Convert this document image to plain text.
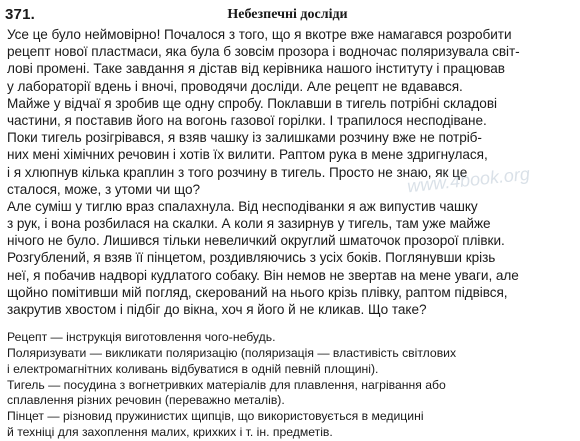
371.	Небезпечні досліди
Усе це було неймовірно! Почалося з того, що я вкотре вже намагався розробити
рецепт нової пластмаси, яка була б зовсім прозора і водночас поляризувала світ-
лові промені. Таке завдання я дістав від керівника нашого інституту і працював
у лабораторії вдень і вночі, проводячи досліди. Але рецепт не вдавався.
Майже у відчаї я зробив ще одну спробу. Поклавши в тигель потрібні складові
частини, я поставив його на вогонь газової горілки. І трапилося несподіване.
Поки тигель розігрівався, я взяв чашку із залишками розчину вже не потріб-
них мені хімічних речовин і хотів їх вилити. Раптом рука в мене здригнулася,
і я хлюпнув кілька краплин з того розчину в тигель. Просто не знаю, як це
сталося, може, з утоми чи що?
Але суміш у тиглю враз спалахнула. Від несподіванки я аж випустив чашку
з рук, і вона розбилася на скалки. А коли я зазирнув у тигель, там уже майже
нічого не було. Лишився тільки невеличкий округлий шматочок прозорої плівки.
Розгублений, я взяв її пінцетом, роздивляючись з усіх боків. Поглянувши крізь
неї, я побачив надворі кудлатого собаку. Він немов не звертав на мене уваги, але
щойно помітивши мій погляд, скерований на нього крізь плівку, раптом підвівся,
закрутив хвостом і підбіг до вікна, хоч я його й не кликав. Що таке?
Рецепт — інструкція виготовлення чого-небудь.
Поляризувати — викликати поляризацію (поляризація — властивість світлових
і електромагнітних коливань відбуватися в одній певній площині).
Тигель — посудина з вогнетривких матеріалів для плавлення, нагрівання або
сплавлення різних речовин (переважно металів).
Пінцет — різновид пружинистих щипців, що використовується в медицині
й техніці для захоплення малих, крихких і т. ін. предметів.
www.4book.org
